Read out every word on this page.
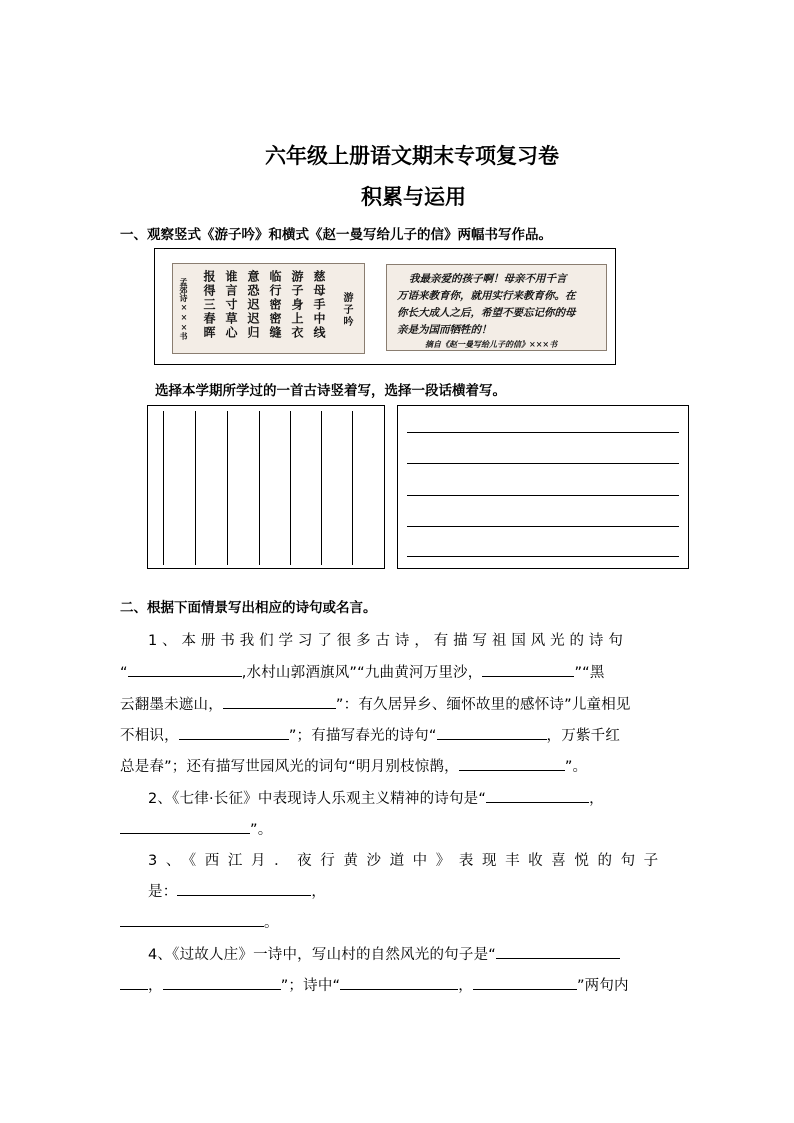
六年级上册语文期末专项复习卷
积累与运用
一、观察竖式《游子吟》和横式《赵一曼写给儿子的信》两幅书写作品。
游子吟
慈母手中线
游子身上衣
临行密密缝
意恐迟迟归
谁言寸草心
报得三春晖
孟郊诗×××书	我最亲爱的孩子啊！母亲不用千言
万语来教育你，就用实行来教育你。在
你长大成人之后，希望不要忘记你的母
亲是为国而牺牲的！
摘自《赵一曼写给儿子的信》×××书
选择本学期所学过的一首古诗竖着写，选择一段话横着写。
二、根据下面情景写出相应的诗句或名言。
1、本册书我们学习了很多古诗，有描写祖国风光的诗句
“	,水村山郭酒旗风”“九曲黄河万里沙，	”“黑
云翻墨未遮山，	”：有久居异乡、缅怀故里的感怀诗”儿童相见
不相识，	”；有描写春光的诗句“	，万紫千红
总是春”；还有描写世园风光的词句“明月别枝惊鹊，	”。
2、《七律·长征》中表现诗人乐观主义精神的诗句是“	，
”。
3、《西江月．夜行黄沙道中》表现丰收喜悦的句子
是：	，
。
4、《过故人庄》一诗中，写山村的自然风光的句子是“
，	”；诗中“	，	”两句内
